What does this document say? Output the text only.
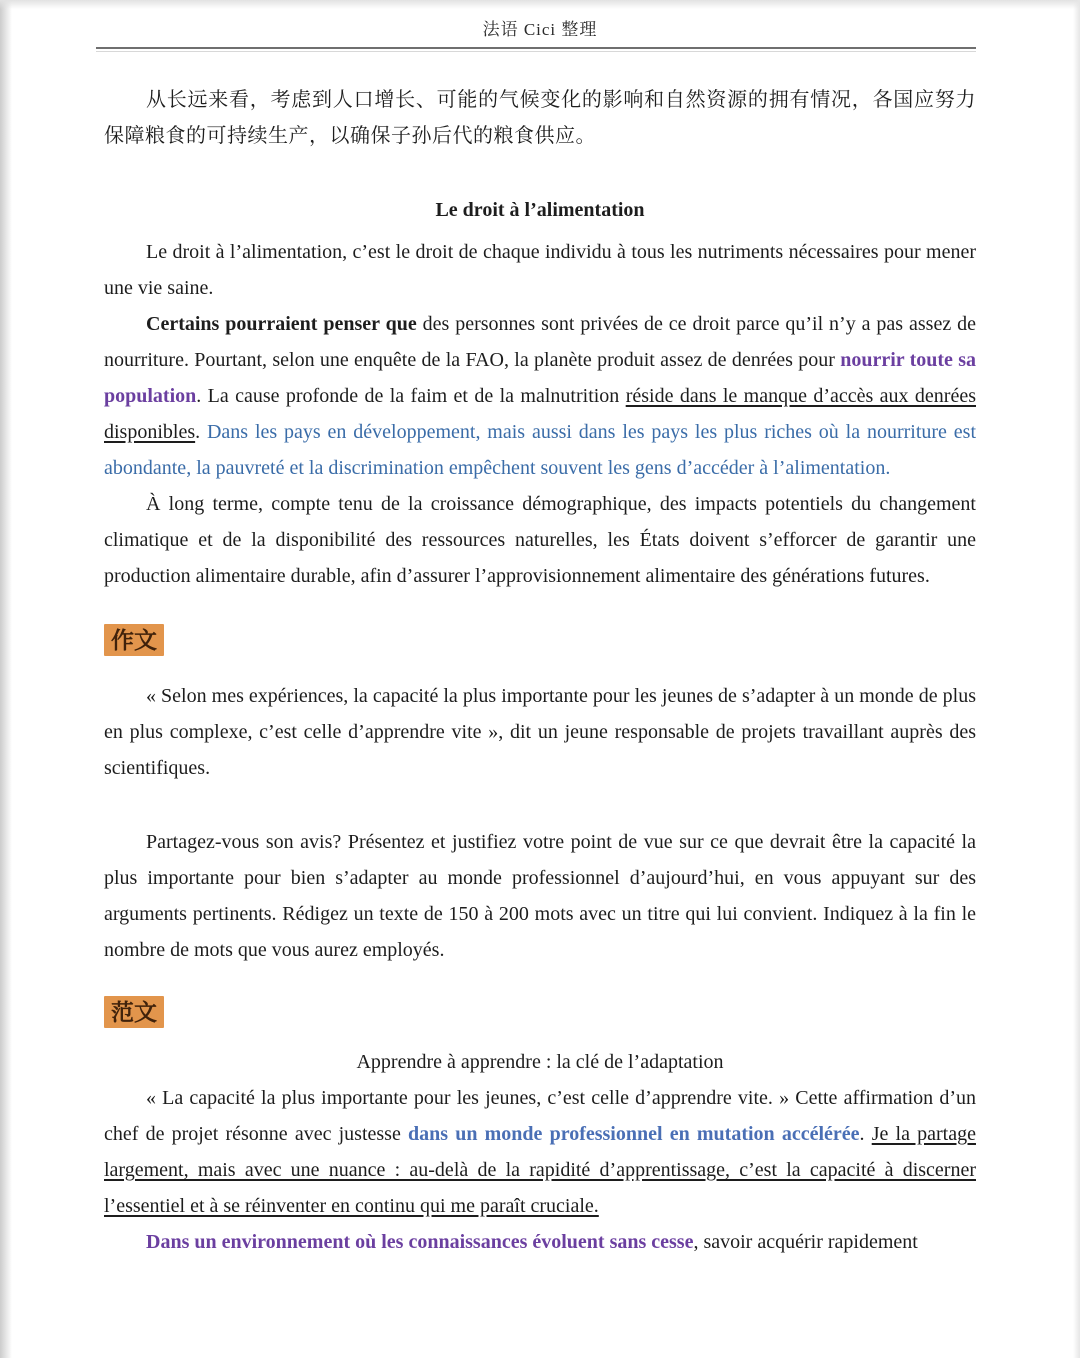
法语 Cici 整理

从长远来看，考虑到人口增长、可能的气候变化的影响和自然资源的拥有情况，各国应努力保障粮食的可持续生产，以确保子孙后代的粮食供应。

Le droit à l’alimentation

Le droit à l’alimentation, c’est le droit de chaque individu à tous les nutriments nécessaires pour mener une vie saine.

Certains pourraient penser que des personnes sont privées de ce droit parce qu’il n’y a pas assez de nourriture. Pourtant, selon une enquête de la FAO, la planète produit assez de denrées pour nourrir toute sa population. La cause profonde de la faim et de la malnutrition réside dans le manque d’accès aux denrées disponibles. Dans les pays en développement, mais aussi dans les pays les plus riches où la nourriture est abondante, la pauvreté et la discrimination empêchent souvent les gens d’accéder à l’alimentation.

À long terme, compte tenu de la croissance démographique, des impacts potentiels du changement climatique et de la disponibilité des ressources naturelles, les États doivent s’efforcer de garantir une production alimentaire durable, afin d’assurer l’approvisionnement alimentaire des générations futures.

作文

« Selon mes expériences, la capacité la plus importante pour les jeunes de s’adapter à un monde de plus en plus complexe, c’est celle d’apprendre vite », dit un jeune responsable de projets travaillant auprès des scientifiques.

Partagez-vous son avis? Présentez et justifiez votre point de vue sur ce que devrait être la capacité la plus importante pour bien s’adapter au monde professionnel d’aujourd’hui, en vous appuyant sur des arguments pertinents. Rédigez un texte de 150 à 200 mots avec un titre qui lui convient. Indiquez à la fin le nombre de mots que vous aurez employés.

范文
Apprendre à apprendre : la clé de l’adaptation

« La capacité la plus importante pour les jeunes, c’est celle d’apprendre vite. » Cette affirmation d’un chef de projet résonne avec justesse dans un monde professionnel en mutation accélérée. Je la partage largement, mais avec une nuance : au-delà de la rapidité d’apprentissage, c’est la capacité à discerner l’essentiel et à se réinventer en continu qui me paraît cruciale.

Dans un environnement où les connaissances évoluent sans cesse, savoir acquérir rapidement
